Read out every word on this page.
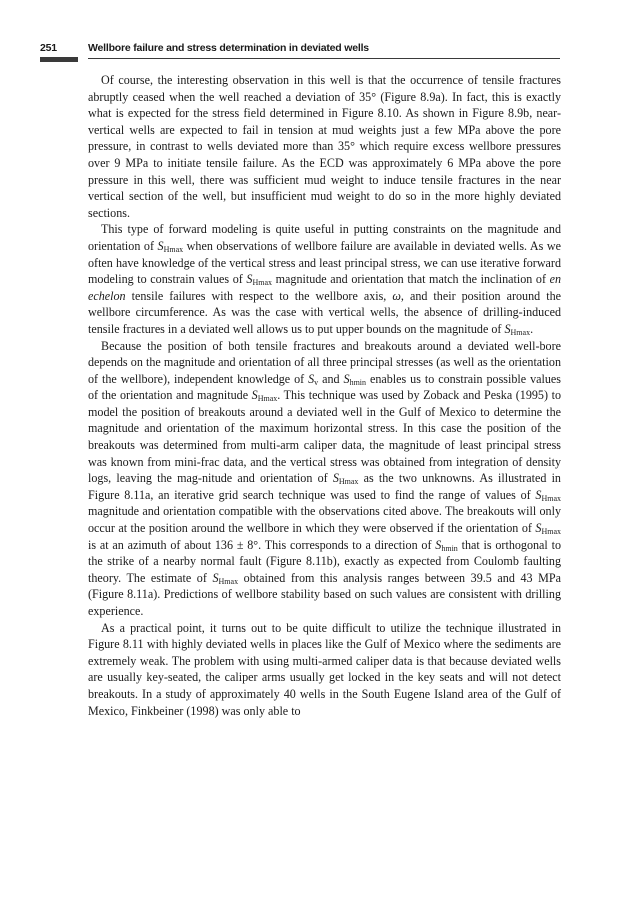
251	Wellbore failure and stress determination in deviated wells

Of course, the interesting observation in this well is that the occurrence of tensile fractures abruptly ceased when the well reached a deviation of 35° (Figure 8.9a). In fact, this is exactly what is expected for the stress field determined in Figure 8.10. As shown in Figure 8.9b, near-vertical wells are expected to fail in tension at mud weights just a few MPa above the pore pressure, in contrast to wells deviated more than 35° which require excess wellbore pressures over 9 MPa to initiate tensile failure. As the ECD was approximately 6 MPa above the pore pressure in this well, there was sufficient mud weight to induce tensile fractures in the near vertical section of the well, but insufficient mud weight to do so in the more highly deviated sections.

This type of forward modeling is quite useful in putting constraints on the magnitude and orientation of $S_{Hmax}$ when observations of wellbore failure are available in deviated wells. As we often have knowledge of the vertical stress and least principal stress, we can use iterative forward modeling to constrain values of $S_{Hmax}$ magnitude and orientation that match the inclination of en echelon tensile failures with respect to the wellbore axis, ω, and their position around the wellbore circumference. As was the case with vertical wells, the absence of drilling-induced tensile fractures in a deviated well allows us to put upper bounds on the magnitude of $S_{Hmax}$.

Because the position of both tensile fractures and breakouts around a deviated well-bore depends on the magnitude and orientation of all three principal stresses (as well as the orientation of the wellbore), independent knowledge of $S_v$ and $S_{hmin}$ enables us to constrain possible values of the orientation and magnitude $S_{Hmax}$. This technique was used by Zoback and Peska (1995) to model the position of breakouts around a deviated well in the Gulf of Mexico to determine the magnitude and orientation of the maximum horizontal stress. In this case the position of the breakouts was determined from multi-arm caliper data, the magnitude of least principal stress was known from mini-frac data, and the vertical stress was obtained from integration of density logs, leaving the mag-nitude and orientation of $S_{Hmax}$ as the two unknowns. As illustrated in Figure 8.11a, an iterative grid search technique was used to find the range of values of $S_{Hmax}$ magnitude and orientation compatible with the observations cited above. The breakouts will only occur at the position around the wellbore in which they were observed if the orientation of $S_{Hmax}$ is at an azimuth of about 136 ± 8°. This corresponds to a direction of $S_{hmin}$ that is orthogonal to the strike of a nearby normal fault (Figure 8.11b), exactly as expected from Coulomb faulting theory. The estimate of $S_{Hmax}$ obtained from this analysis ranges between 39.5 and 43 MPa (Figure 8.11a). Predictions of wellbore stability based on such values are consistent with drilling experience.

As a practical point, it turns out to be quite difficult to utilize the technique illustrated in Figure 8.11 with highly deviated wells in places like the Gulf of Mexico where the sediments are extremely weak. The problem with using multi-armed caliper data is that because deviated wells are usually key-seated, the caliper arms usually get locked in the key seats and will not detect breakouts. In a study of approximately 40 wells in the South Eugene Island area of the Gulf of Mexico, Finkbeiner (1998) was only able to
